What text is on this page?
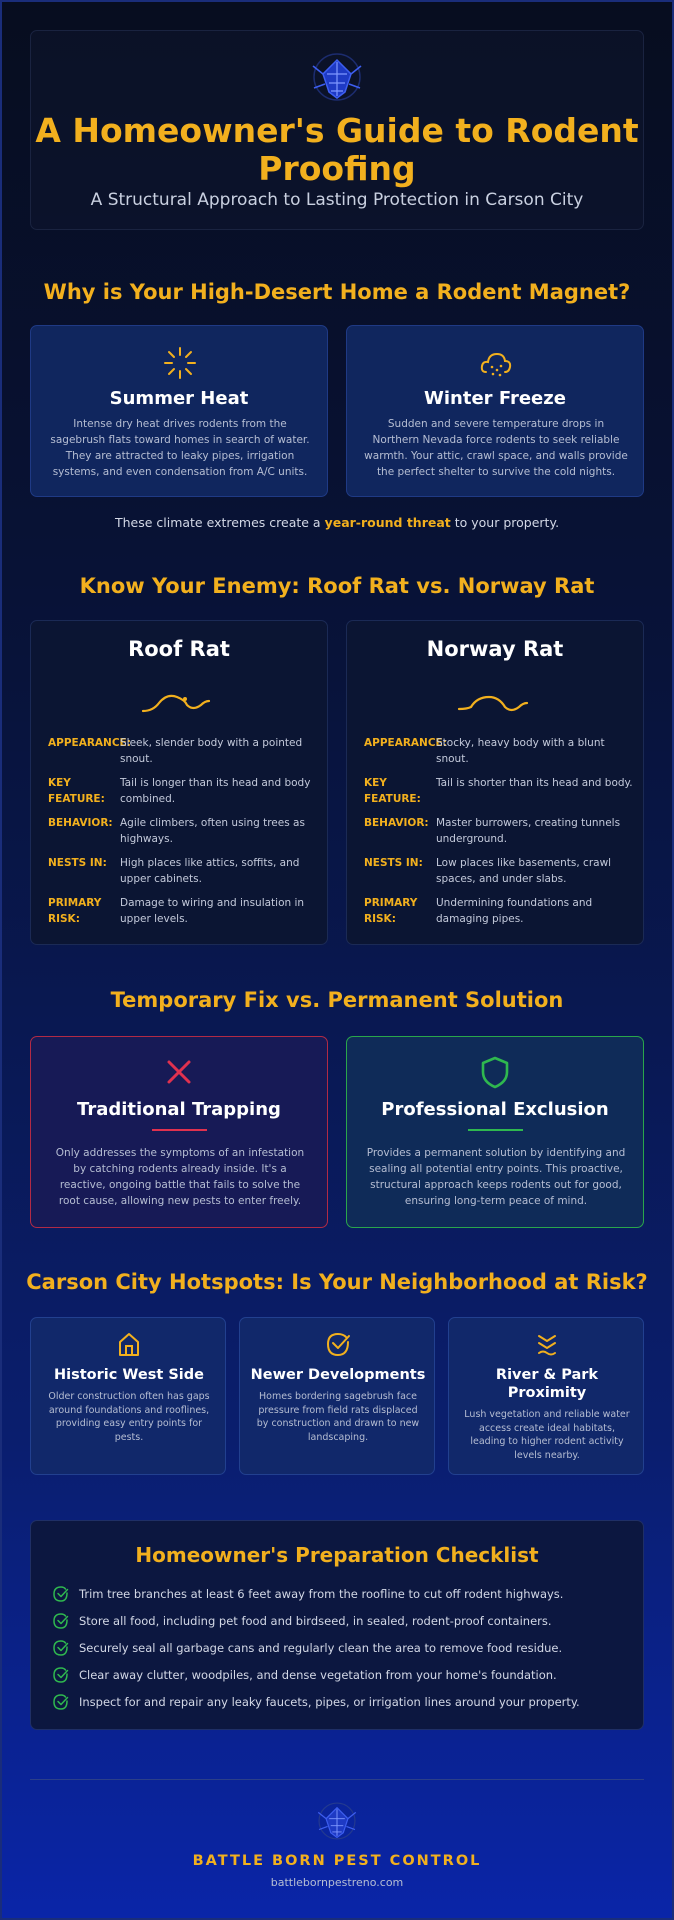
A Homeowner's Guide to Rodent Proofing
A Structural Approach to Lasting Protection in Carson City
Why is Your High-Desert Home a Rodent Magnet?
Summer Heat
Intense dry heat drives rodents from the sagebrush flats toward homes in search of water. They are attracted to leaky pipes, irrigation systems, and even condensation from A/C units.
Winter Freeze
Sudden and severe temperature drops in Northern Nevada force rodents to seek reliable warmth. Your attic, crawl space, and walls provide the perfect shelter to survive the cold nights.
These climate extremes create a year-round threat to your property.
Know Your Enemy: Roof Rat vs. Norway Rat
Roof Rat
APPEARANCE:
Sleek, slender body with a pointed snout.
KEY FEATURE:
Tail is longer than its head and body combined.
BEHAVIOR: Agile climbers, often using trees as highways.
NESTS IN:	High places like attics, soffits, and upper cabinets.
PRIMARY RISK:
Damage to wiring and insulation in upper levels.
Norway Rat
APPEARANCE:
Stocky, heavy body with a blunt snout.
KEY FEATURE:
Tail is shorter than its head and body.
BEHAVIOR: Master burrowers, creating tunnels underground.
NESTS IN:	Low places like basements, crawl spaces, and under slabs.
PRIMARY RISK:
Undermining foundations and damaging pipes.
Temporary Fix vs. Permanent Solution
Traditional Trapping
Only addresses the symptoms of an infestation by catching rodents already inside. It's a reactive, ongoing battle that fails to solve the root cause, allowing new pests to enter freely.
Professional Exclusion
Provides a permanent solution by identifying and sealing all potential entry points. This proactive, structural approach keeps rodents out for good, ensuring long-term peace of mind.
Carson City Hotspots: Is Your Neighborhood at Risk?
Historic West Side
Older construction often has gaps around foundations and rooflines, providing easy entry points for pests.
Newer Developments
Homes bordering sagebrush face pressure from field rats displaced by construction and drawn to new landscaping.
River & Park Proximity
Lush vegetation and reliable water access create ideal habitats, leading to higher rodent activity levels nearby.
Homeowner's Preparation Checklist
Trim tree branches at least 6 feet away from the roofline to cut off rodent highways.
Store all food, including pet food and birdseed, in sealed, rodent-proof containers.
Securely seal all garbage cans and regularly clean the area to remove food residue.
Clear away clutter, woodpiles, and dense vegetation from your home's foundation.
Inspect for and repair any leaky faucets, pipes, or irrigation lines around your property.
BATTLE BORN PEST CONTROL
battlebornpestreno.com
